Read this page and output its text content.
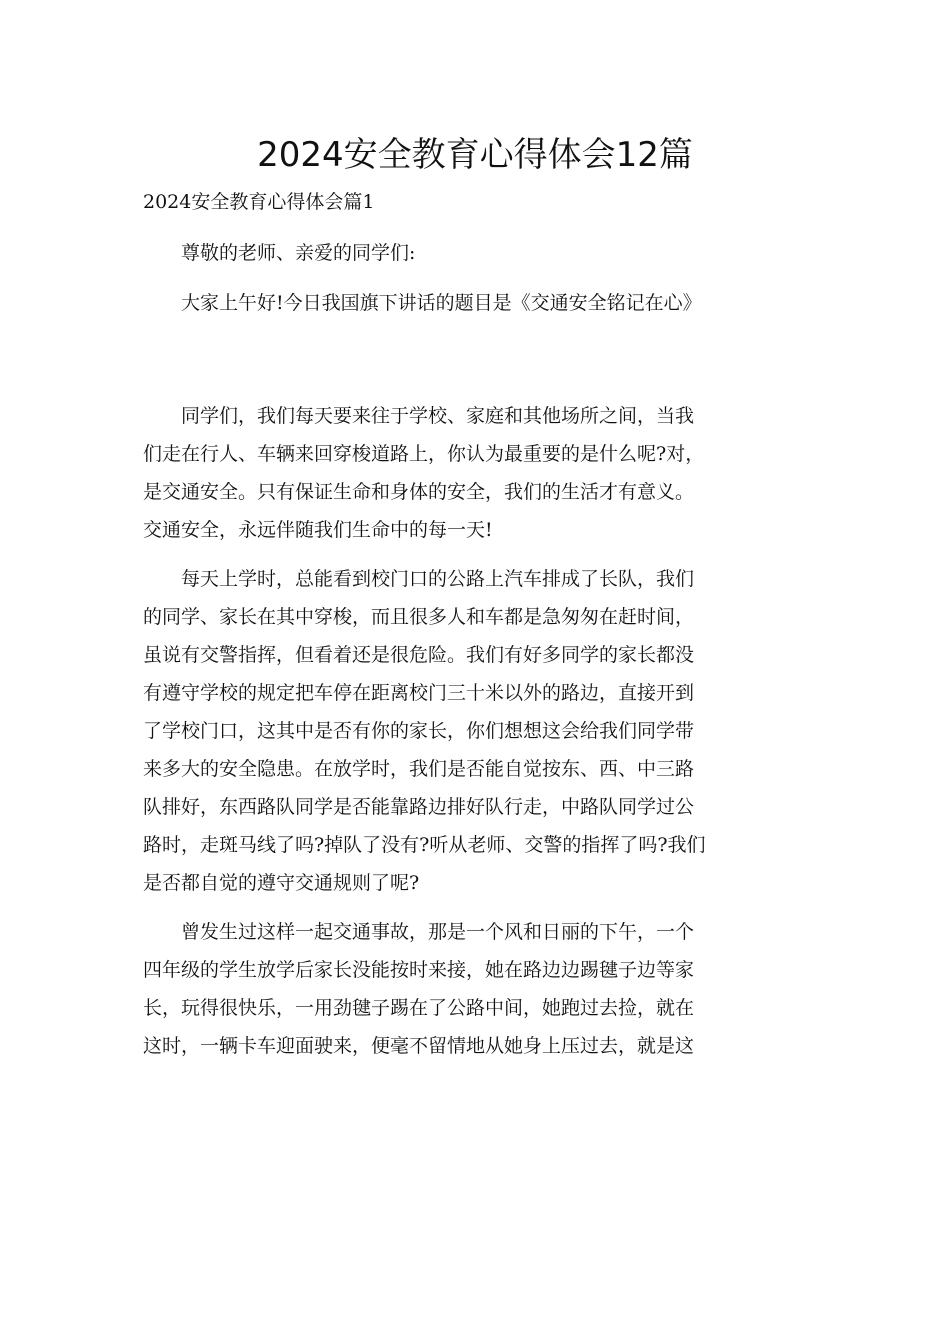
2024安全教育心得体会12篇
2024安全教育心得体会篇1

尊敬的老师、亲爱的同学们:

大家上午好!今日我国旗下讲话的题目是《交通安全铭记在心》

同学们，我们每天要来往于学校、家庭和其他场所之间，当我
们走在行人、车辆来回穿梭道路上，你认为最重要的是什么呢?对，
是交通安全。只有保证生命和身体的安全，我们的生活才有意义。
交通安全，永远伴随我们生命中的每一天!

每天上学时，总能看到校门口的公路上汽车排成了长队，我们
的同学、家长在其中穿梭，而且很多人和车都是急匆匆在赶时间，
虽说有交警指挥，但看着还是很危险。我们有好多同学的家长都没
有遵守学校的规定把车停在距离校门三十米以外的路边，直接开到
了学校门口，这其中是否有你的家长，你们想想这会给我们同学带
来多大的安全隐患。在放学时，我们是否能自觉按东、西、中三路
队排好，东西路队同学是否能靠路边排好队行走，中路队同学过公
路时，走斑马线了吗?掉队了没有?听从老师、交警的指挥了吗?我们
是否都自觉的遵守交通规则了呢?

曾发生过这样一起交通事故，那是一个风和日丽的下午，一个
四年级的学生放学后家长没能按时来接，她在路边边踢毽子边等家
长，玩得很快乐，一用劲毽子踢在了公路中间，她跑过去捡，就在
这时，一辆卡车迎面驶来，便毫不留情地从她身上压过去，就是这
